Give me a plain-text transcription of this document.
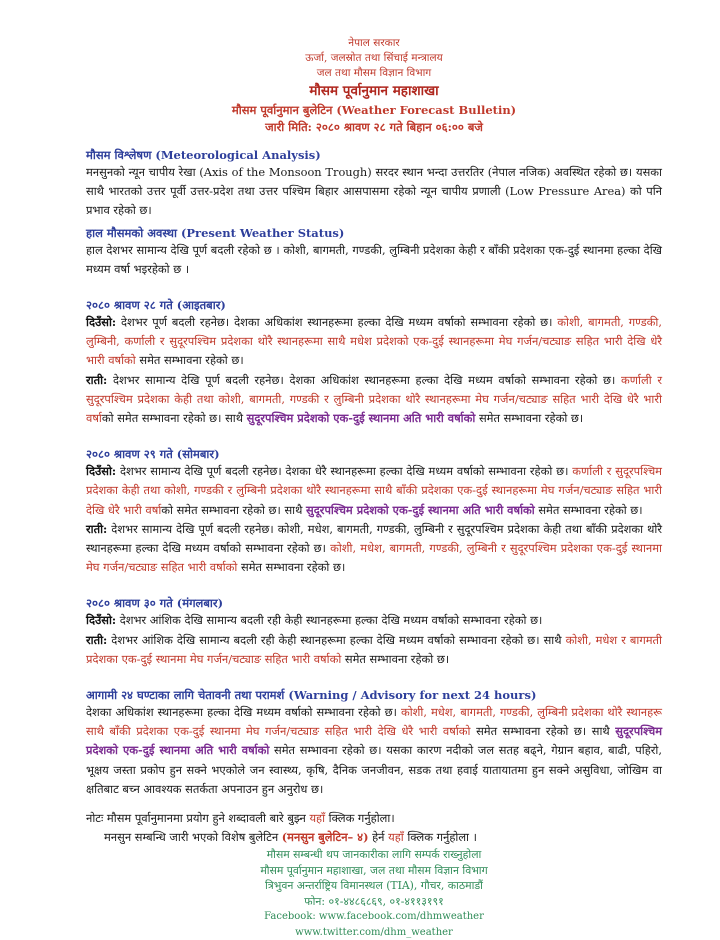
नेपाल सरकार
ऊर्जा, जलस्रोत तथा सिंचाई मन्त्रालय
जल तथा मौसम विज्ञान विभाग
मौसम पूर्वानुमान महाशाखा
मौसम पूर्वानुमान बुलेटिन (Weather Forecast Bulletin)
जारी मिति: २०८० श्रावण २८ गते बिहान ०६:०० बजे
मौसम विश्लेषण (Meteorological Analysis)
मनसुनको न्यून चापीय रेखा (Axis of the Monsoon Trough) सरदर स्थान भन्दा उत्तरतिर (नेपाल नजिक) अवस्थित रहेको छ। यसका साथै भारतको उत्तर पूर्वी उत्तर-प्रदेश तथा उत्तर पश्चिम बिहार आसपासमा रहेको न्यून चापीय प्रणाली (Low Pressure Area) को पनि प्रभाव रहेको छ।
हाल मौसमको अवस्था (Present Weather Status)
हाल देशभर सामान्य देखि पूर्ण बदली रहेको छ । कोशी, बागमती, गण्डकी, लुम्बिनी प्रदेशका केही र बाँकी प्रदेशका एक-दुई स्थानमा हल्का देखि मध्यम वर्षा भइरहेको छ ।
२०८० श्रावण २८ गते (आइतबार)
दिउँसो: देशभर पूर्ण बदली रहनेछ। देशका अधिकांश स्थानहरूमा हल्का देखि मध्यम वर्षाको सम्भावना रहेको छ। कोशी, बागमती, गण्डकी, लुम्बिनी, कर्णाली र सुदूरपश्चिम प्रदेशका थोरै स्थानहरूमा साथै मधेश प्रदेशको एक-दुई स्थानहरूमा मेघ गर्जन/चट्याङ सहित भारी देखि धेरै भारी वर्षाको समेत सम्भावना रहेको छ।
राती: देशभर सामान्य देखि पूर्ण बदली रहनेछ। देशका अधिकांश स्थानहरूमा हल्का देखि मध्यम वर्षाको सम्भावना रहेको छ। कर्णाली र सुदूरपश्चिम प्रदेशका केही तथा कोशी, बागमती, गण्डकी र लुम्बिनी प्रदेशका थोरै स्थानहरूमा मेघ गर्जन/चट्याङ सहित भारी देखि धेरै भारी वर्षाको समेत सम्भावना रहेको छ। साथै सुदूरपश्चिम प्रदेशको एक-दुई स्थानमा अति भारी वर्षाको समेत सम्भावना रहेको छ।
२०८० श्रावण २९ गते (सोमबार)
दिउँसो: देशभर सामान्य देखि पूर्ण बदली रहनेछ। देशका धेरै स्थानहरूमा हल्का देखि मध्यम वर्षाको सम्भावना रहेको छ। कर्णाली र सुदूरपश्चिम प्रदेशका केही तथा कोशी, गण्डकी र लुम्बिनी प्रदेशका थोरै स्थानहरूमा साथै बाँकी प्रदेशका एक-दुई स्थानहरूमा मेघ गर्जन/चट्याङ सहित भारी देखि धेरै भारी वर्षाको समेत सम्भावना रहेको छ। साथै सुदूरपश्चिम प्रदेशको एक-दुई स्थानमा अति भारी वर्षाको समेत सम्भावना रहेको छ।
राती: देशभर सामान्य देखि पूर्ण बदली रहनेछ। कोशी, मधेश, बागमती, गण्डकी, लुम्बिनी र सुदूरपश्चिम प्रदेशका केही तथा बाँकी प्रदेशका थोरै स्थानहरूमा हल्का देखि मध्यम वर्षाको सम्भावना रहेको छ। कोशी, मधेश, बागमती, गण्डकी, लुम्बिनी र सुदूरपश्चिम प्रदेशका एक-दुई स्थानमा मेघ गर्जन/चट्याङ सहित भारी वर्षाको समेत सम्भावना रहेको छ।
२०८० श्रावण ३० गते (मंगलबार)
दिउँसो: देशभर आंशिक देखि सामान्य बदली रही केही स्थानहरूमा हल्का देखि मध्यम वर्षाको सम्भावना रहेको छ।
राती: देशभर आंशिक देखि सामान्य बदली रही केही स्थानहरूमा हल्का देखि मध्यम वर्षाको सम्भावना रहेको छ। साथै कोशी, मधेश र बागमती प्रदेशका एक-दुई स्थानमा मेघ गर्जन/चट्याङ सहित भारी वर्षाको समेत सम्भावना रहेको छ।
आगामी २४ घण्टाका लागि चेतावनी तथा परामर्श (Warning / Advisory for next 24 hours)
देशका अधिकांश स्थानहरूमा हल्का देखि मध्यम वर्षाको सम्भावना रहेको छ। कोशी, मधेश, बागमती, गण्डकी, लुम्बिनी प्रदेशका थोरै स्थानहरू साथै बाँकी प्रदेशका एक-दुई स्थानमा मेघ गर्जन/चट्याङ सहित भारी देखि धेरै भारी वर्षाको समेत सम्भावना रहेको छ। साथै सुदूरपश्चिम प्रदेशको एक-दुई स्थानमा अति भारी वर्षाको समेत सम्भावना रहेको छ। यसका कारण नदीको जल सतह बढ्ने, गेग्रान बहाव, बाढी, पहिरो, भूक्षय जस्ता प्रकोप हुन सक्ने भएकोले जन स्वास्थ्य, कृषि, दैनिक जनजीवन, सडक तथा हवाई यातायातमा हुन सक्ने असुविधा, जोखिम वा क्षतिबाट बच्न आवश्यक सतर्कता अपनाउन हुन अनुरोध छ।
नोटः मौसम पूर्वानुमानमा प्रयोग हुने शब्दावली बारे बुझ्न यहाँ क्लिक गर्नुहोला।
मनसुन सम्बन्धि जारी भएको विशेष बुलेटिन (मनसुन बुलेटिन– ४) हेर्न यहाँ क्लिक गर्नुहोला ।
मौसम सम्बन्धी थप जानकारीका लागि सम्पर्क राख्नुहोला
मौसम पूर्वानुमान महाशाखा, जल तथा मौसम विज्ञान विभाग
त्रिभुवन अन्तर्राष्ट्रिय विमानस्थल (TIA), गौचर, काठमाडौं
फोन: ०१-४४८६८६९, ०१-४११३१९१
Facebook: www.facebook.com/dhmweather
www.twitter.com/dhm_weather
